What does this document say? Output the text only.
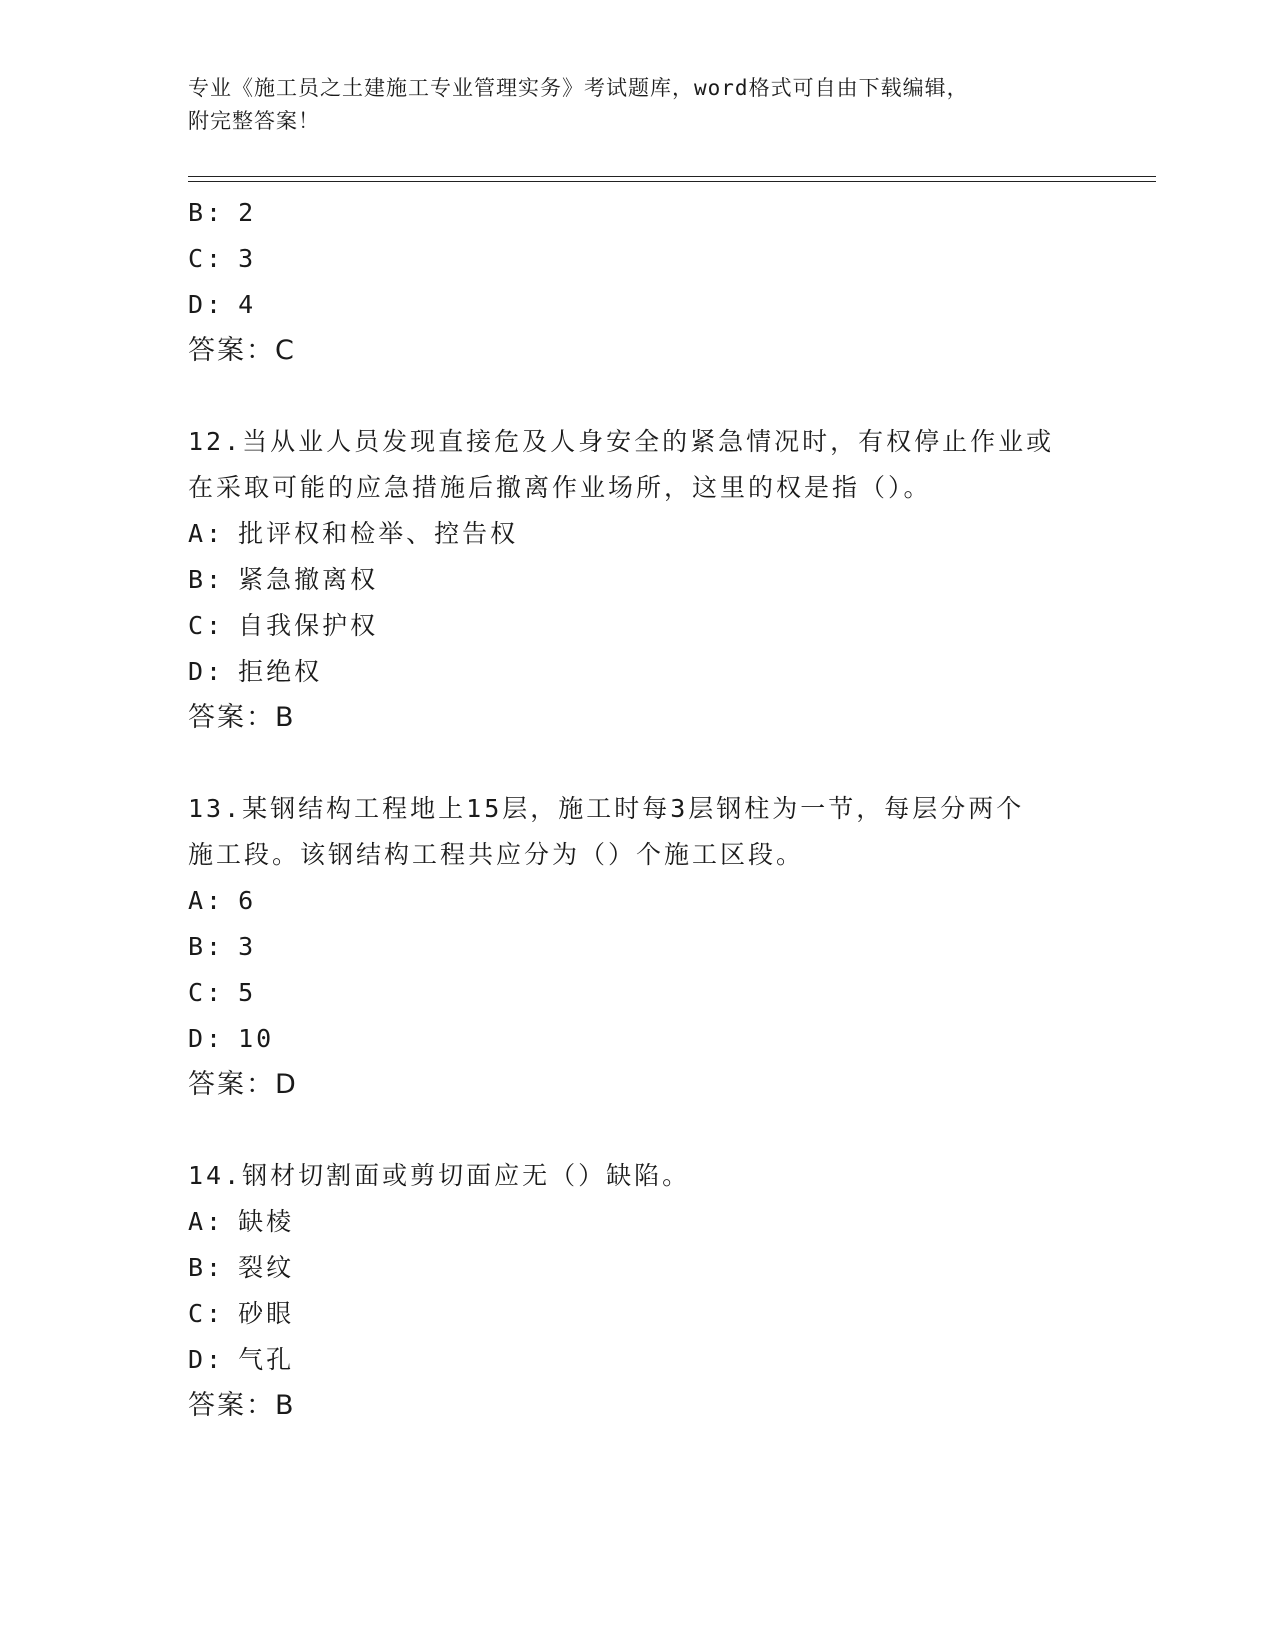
专业《施工员之土建施工专业管理实务》考试题库，word格式可自由下载编辑，
附完整答案！
B: 2
C: 3
D: 4
答案：C
12.当从业人员发现直接危及人身安全的紧急情况时，有权停止作业或
在采取可能的应急措施后撤离作业场所，这里的权是指（）。
A: 批评权和检举、控告权
B: 紧急撤离权
C: 自我保护权
D: 拒绝权
答案：B
13.某钢结构工程地上15层，施工时每3层钢柱为一节，每层分两个
施工段。该钢结构工程共应分为（）个施工区段。
A: 6
B: 3
C: 5
D: 10
答案：D
14.钢材切割面或剪切面应无（）缺陷。
A: 缺棱
B: 裂纹
C: 砂眼
D: 气孔
答案：B
